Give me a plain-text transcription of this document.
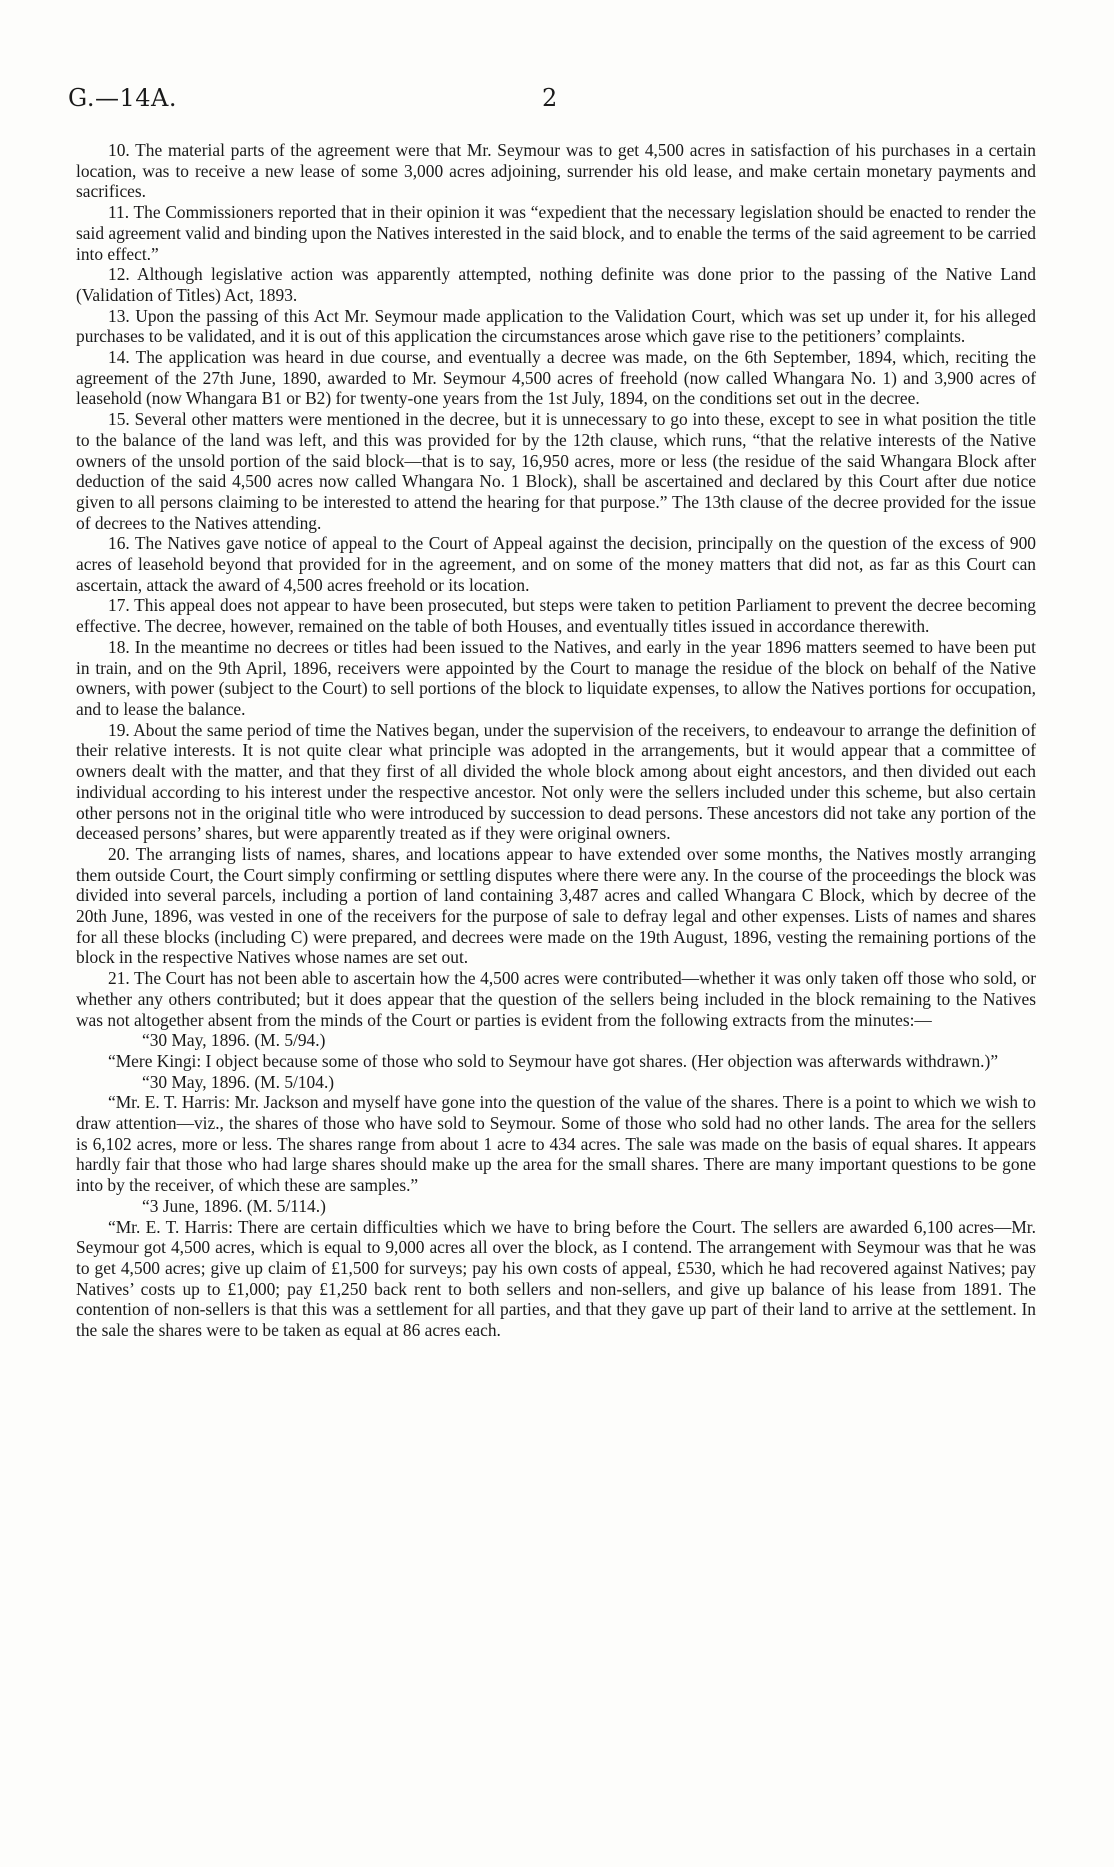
G.—14A.	2

10. The material parts of the agreement were that Mr. Seymour was to get 4,500 acres in satisfaction of his purchases in a certain location, was to receive a new lease of some 3,000 acres adjoining, surrender his old lease, and make certain monetary payments and sacrifices.

11. The Commissioners reported that in their opinion it was “expedient that the necessary legislation should be enacted to render the said agreement valid and binding upon the Natives interested in the said block, and to enable the terms of the said agreement to be carried into effect.”

12. Although legislative action was apparently attempted, nothing definite was done prior to the passing of the Native Land (Validation of Titles) Act, 1893.

13. Upon the passing of this Act Mr. Seymour made application to the Validation Court, which was set up under it, for his alleged purchases to be validated, and it is out of this application the circumstances arose which gave rise to the petitioners’ complaints.

14. The application was heard in due course, and eventually a decree was made, on the 6th September, 1894, which, reciting the agreement of the 27th June, 1890, awarded to Mr. Seymour 4,500 acres of freehold (now called Whangara No. 1) and 3,900 acres of leasehold (now Whangara B1 or B2) for twenty-one years from the 1st July, 1894, on the conditions set out in the decree.

15. Several other matters were mentioned in the decree, but it is unnecessary to go into these, except to see in what position the title to the balance of the land was left, and this was provided for by the 12th clause, which runs, “that the relative interests of the Native owners of the unsold portion of the said block—that is to say, 16,950 acres, more or less (the residue of the said Whangara Block after deduction of the said 4,500 acres now called Whangara No. 1 Block), shall be ascertained and declared by this Court after due notice given to all persons claiming to be interested to attend the hearing for that purpose.” The 13th clause of the decree provided for the issue of decrees to the Natives attending.

16. The Natives gave notice of appeal to the Court of Appeal against the decision, principally on the question of the excess of 900 acres of leasehold beyond that provided for in the agreement, and on some of the money matters that did not, as far as this Court can ascertain, attack the award of 4,500 acres freehold or its location.

17. This appeal does not appear to have been prosecuted, but steps were taken to petition Parliament to prevent the decree becoming effective. The decree, however, remained on the table of both Houses, and eventually titles issued in accordance therewith.

18. In the meantime no decrees or titles had been issued to the Natives, and early in the year 1896 matters seemed to have been put in train, and on the 9th April, 1896, receivers were appointed by the Court to manage the residue of the block on behalf of the Native owners, with power (subject to the Court) to sell portions of the block to liquidate expenses, to allow the Natives portions for occupation, and to lease the balance.

19. About the same period of time the Natives began, under the supervision of the receivers, to endeavour to arrange the definition of their relative interests. It is not quite clear what principle was adopted in the arrangements, but it would appear that a committee of owners dealt with the matter, and that they first of all divided the whole block among about eight ancestors, and then divided out each individual according to his interest under the respective ancestor. Not only were the sellers included under this scheme, but also certain other persons not in the original title who were introduced by succession to dead persons. These ancestors did not take any portion of the deceased persons’ shares, but were apparently treated as if they were original owners.

20. The arranging lists of names, shares, and locations appear to have extended over some months, the Natives mostly arranging them outside Court, the Court simply confirming or settling disputes where there were any. In the course of the proceedings the block was divided into several parcels, including a portion of land containing 3,487 acres and called Whangara C Block, which by decree of the 20th June, 1896, was vested in one of the receivers for the purpose of sale to defray legal and other expenses. Lists of names and shares for all these blocks (including C) were prepared, and decrees were made on the 19th August, 1896, vesting the remaining portions of the block in the respective Natives whose names are set out.

21. The Court has not been able to ascertain how the 4,500 acres were contributed—whether it was only taken off those who sold, or whether any others contributed; but it does appear that the question of the sellers being included in the block remaining to the Natives was not altogether absent from the minds of the Court or parties is evident from the following extracts from the minutes:—

“30 May, 1896. (M. 5/94.)

“Mere Kingi: I object because some of those who sold to Seymour have got shares. (Her objection was afterwards withdrawn.)”

“30 May, 1896. (M. 5/104.)

“Mr. E. T. Harris: Mr. Jackson and myself have gone into the question of the value of the shares. There is a point to which we wish to draw attention—viz., the shares of those who have sold to Seymour. Some of those who sold had no other lands. The area for the sellers is 6,102 acres, more or less. The shares range from about 1 acre to 434 acres. The sale was made on the basis of equal shares. It appears hardly fair that those who had large shares should make up the area for the small shares. There are many important questions to be gone into by the receiver, of which these are samples.”

“3 June, 1896. (M. 5/114.)

“Mr. E. T. Harris: There are certain difficulties which we have to bring before the Court. The sellers are awarded 6,100 acres—Mr. Seymour got 4,500 acres, which is equal to 9,000 acres all over the block, as I contend. The arrangement with Seymour was that he was to get 4,500 acres; give up claim of £1,500 for surveys; pay his own costs of appeal, £530, which he had recovered against Natives; pay Natives’ costs up to £1,000; pay £1,250 back rent to both sellers and non-sellers, and give up balance of his lease from 1891. The contention of non-sellers is that this was a settlement for all parties, and that they gave up part of their land to arrive at the settlement. In the sale the shares were to be taken as equal at 86 acres each.
